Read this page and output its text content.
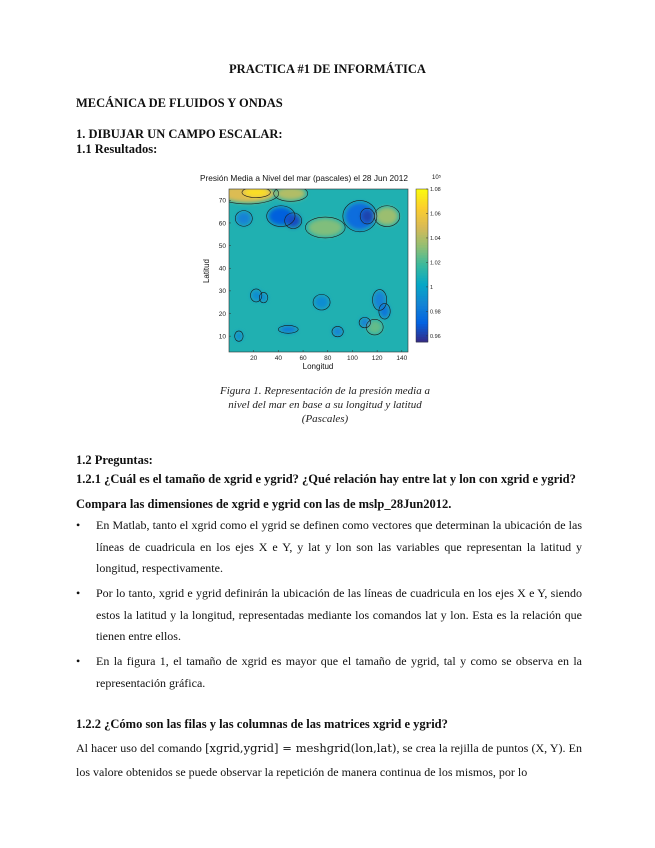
PRACTICA #1 DE INFORMÁTICA
MECÁNICA DE FLUIDOS Y ONDAS
1. DIBUJAR UN CAMPO ESCALAR:
1.1 Resultados:
Presión Media a Nivel del mar (pascales) el 28 Jun 2012	10⁵
20	40	60	80 100 120 140
70
60
50
40
30
20
10
1.08
1.06
1.04
1.02
1
0.98
0.96
Latitud
Longitud
Figura 1. Representación de la presión media a
nivel del mar en base a su longitud y latitud
(Pascales)
1.2 Preguntas:
1.2.1 ¿Cuál es el tamaño de xgrid e ygrid? ¿Qué relación hay entre lat y lon con xgrid e ygrid? Compara las dimensiones de xgrid e ygrid con las de mslp_28Jun2012.
•	En Matlab, tanto el xgrid como el ygrid se definen como vectores que determinan la ubicación de las líneas de cuadricula en los ejes X e Y, y lat y lon son las variables que representan la latitud y longitud, respectivamente.
•	Por lo tanto, xgrid e ygrid definirán la ubicación de las líneas de cuadricula en los ejes X e Y, siendo estos la latitud y la longitud, representadas mediante los comandos lat y lon. Esta es la relación que tienen entre ellos.
•	En la figura 1, el tamaño de xgrid es mayor que el tamaño de ygrid, tal y como se observa en la representación gráfica.
1.2.2 ¿Cómo son las filas y las columnas de las matrices xgrid e ygrid?
Al hacer uso del comando [xgrid,ygrid] = meshgrid(lon,lat), se crea la rejilla de puntos (X, Y). En los valore obtenidos se puede observar la repetición de manera continua de los mismos, por lo
